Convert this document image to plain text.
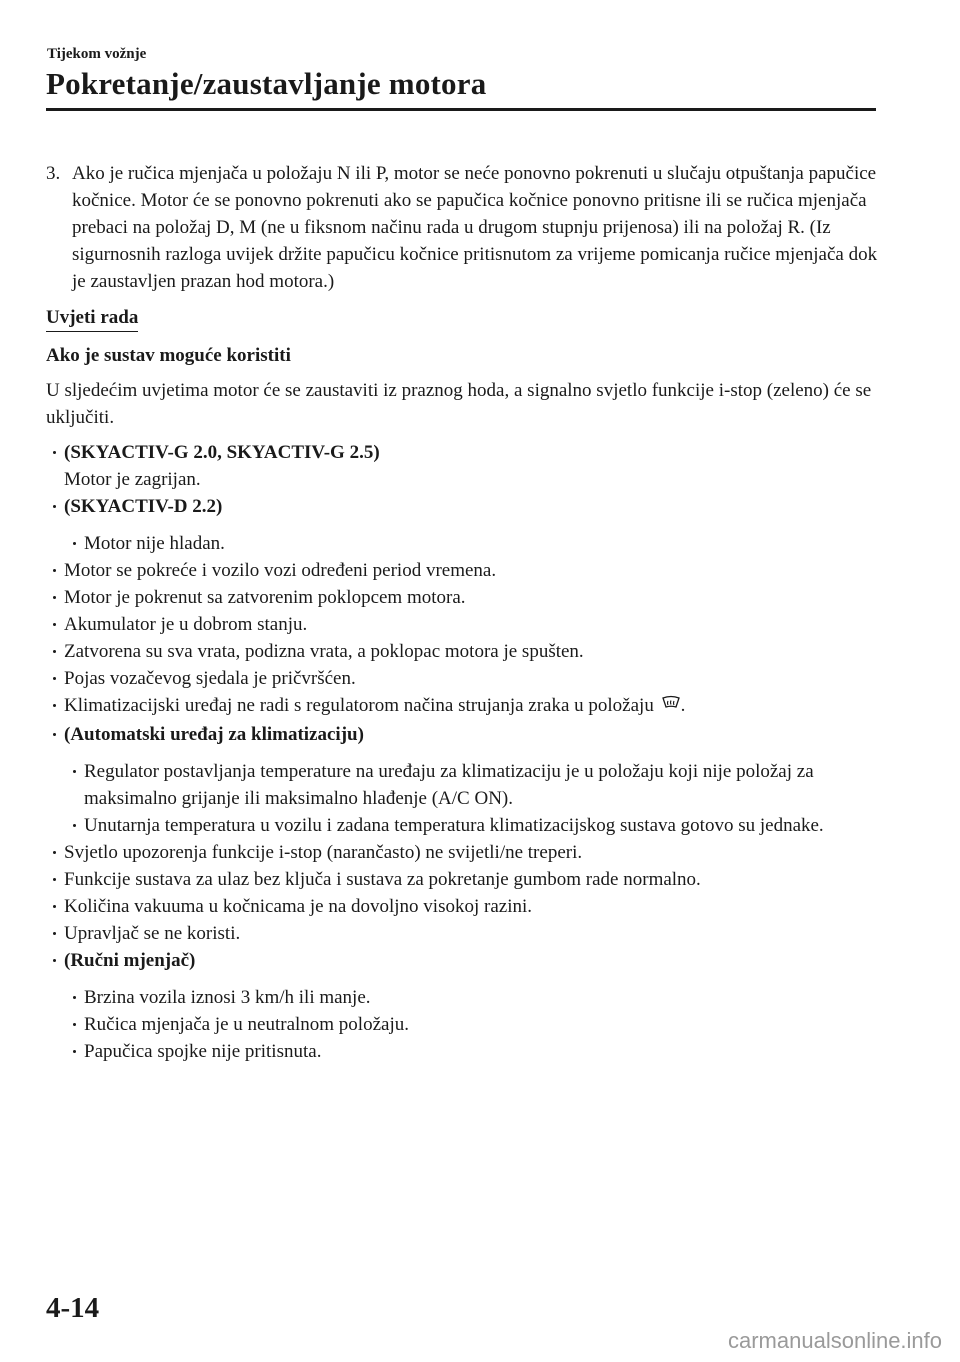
Tijekom vožnje
Pokretanje/zaustavljanje motora
3. Ako je ručica mjenjača u položaju N ili P, motor se neće ponovno pokrenuti u slučaju otpuštanja papučice kočnice. Motor će se ponovno pokrenuti ako se papučica kočnice ponovno pritisne ili se ručica mjenjača prebaci na položaj D, M (ne u fiksnom načinu rada u drugom stupnju prijenosa) ili na položaj R. (Iz sigurnosnih razloga uvijek držite papučicu kočnice pritisnutom za vrijeme pomicanja ručice mjenjača dok je zaustavljen prazan hod motora.)
Uvjeti rada
Ako je sustav moguće koristiti
U sljedećim uvjetima motor će se zaustaviti iz praznog hoda, a signalno svjetlo funkcije i-stop (zeleno) će se uključiti.
(SKYACTIV-G 2.0, SKYACTIV-G 2.5)
Motor je zagrijan.
(SKYACTIV-D 2.2)
Motor nije hladan.
Motor se pokreće i vozilo vozi određeni period vremena.
Motor je pokrenut sa zatvorenim poklopcem motora.
Akumulator je u dobrom stanju.
Zatvorena su sva vrata, podizna vrata, a poklopac motora je spušten.
Pojas vozačevog sjedala je pričvršćen.
Klimatizacijski uređaj ne radi s regulatorom načina strujanja zraka u položaju .
(Automatski uređaj za klimatizaciju)
Regulator postavljanja temperature na uređaju za klimatizaciju je u položaju koji nije položaj za maksimalno grijanje ili maksimalno hlađenje (A/C ON).
Unutarnja temperatura u vozilu i zadana temperatura klimatizacijskog sustava gotovo su jednake.
Svjetlo upozorenja funkcije i-stop (narančasto) ne svijetli/ne treperi.
Funkcije sustava za ulaz bez ključa i sustava za pokretanje gumbom rade normalno.
Količina vakuuma u kočnicama je na dovoljno visokoj razini.
Upravljač se ne koristi.
(Ručni mjenjač)
Brzina vozila iznosi 3 km/h ili manje.
Ručica mjenjača je u neutralnom položaju.
Papučica spojke nije pritisnuta.
4-14
carmanualsonline.info
